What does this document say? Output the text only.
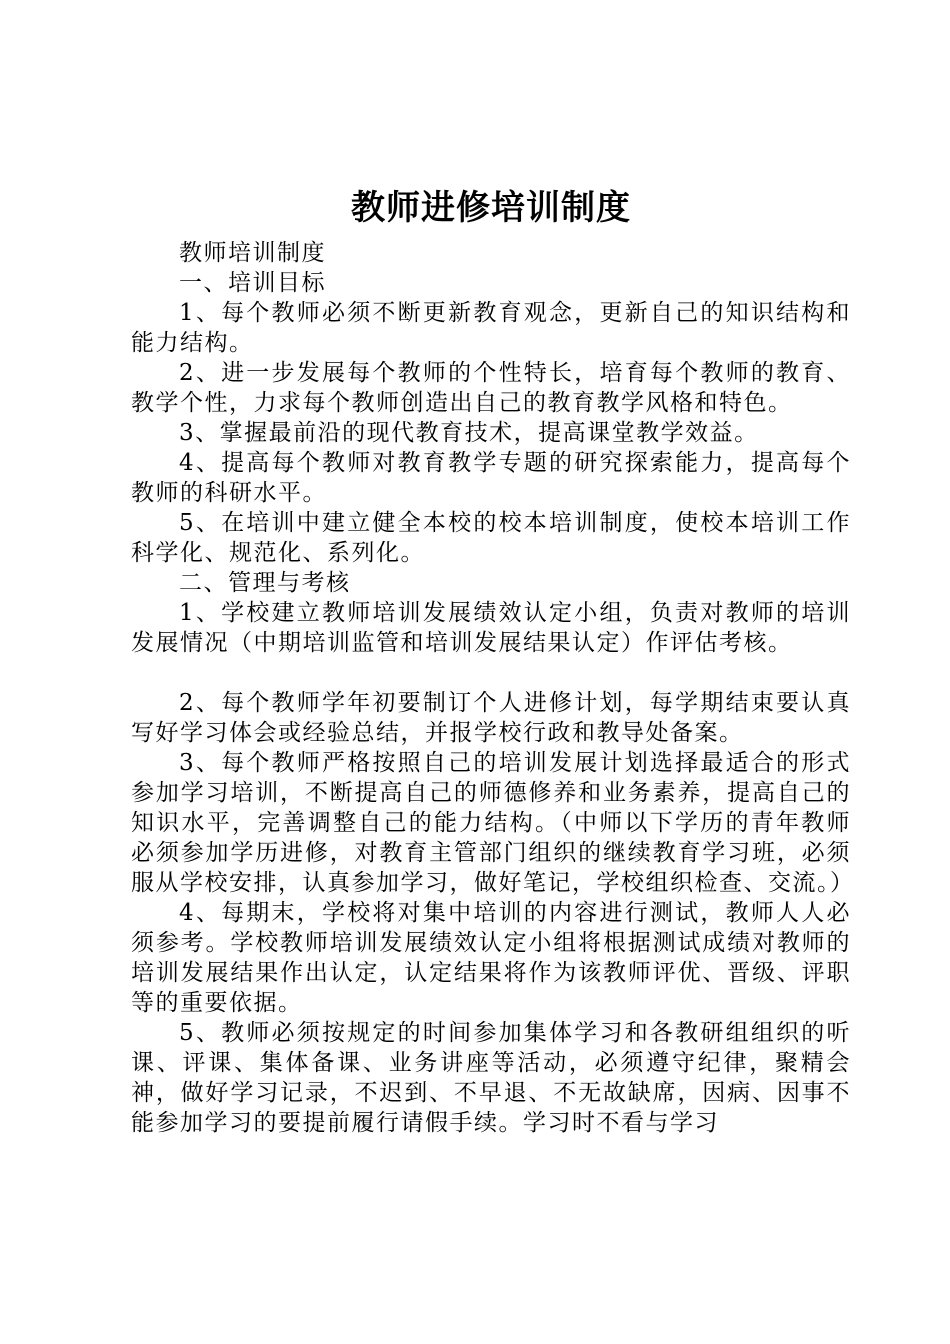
教师进修培训制度

教师培训制度

一、培训目标

1、每个教师必须不断更新教育观念，更新自己的知识结构和能力结构。

2、进一步发展每个教师的个性特长，培育每个教师的教育、教学个性，力求每个教师创造出自己的教育教学风格和特色。

3、掌握最前沿的现代教育技术，提高课堂教学效益。

4、提高每个教师对教育教学专题的研究探索能力，提高每个教师的科研水平。

5、在培训中建立健全本校的校本培训制度，使校本培训工作科学化、规范化、系列化。

二、管理与考核

1、学校建立教师培训发展绩效认定小组，负责对教师的培训发展情况（中期培训监管和培训发展结果认定）作评估考核。

2、每个教师学年初要制订个人进修计划，每学期结束要认真写好学习体会或经验总结，并报学校行政和教导处备案。

3、每个教师严格按照自己的培训发展计划选择最适合的形式参加学习培训，不断提高自己的师德修养和业务素养，提高自己的知识水平，完善调整自己的能力结构。（中师以下学历的青年教师必须参加学历进修，对教育主管部门组织的继续教育学习班，必须服从学校安排，认真参加学习，做好笔记，学校组织检查、交流。）

4、每期末，学校将对集中培训的内容进行测试，教师人人必须参考。学校教师培训发展绩效认定小组将根据测试成绩对教师的培训发展结果作出认定，认定结果将作为该教师评优、晋级、评职等的重要依据。

5、教师必须按规定的时间参加集体学习和各教研组组织的听课、评课、集体备课、业务讲座等活动，必须遵守纪律，聚精会神，做好学习记录，不迟到、不早退、不无故缺席，因病、因事不能参加学习的要提前履行请假手续。学习时不看与学习
